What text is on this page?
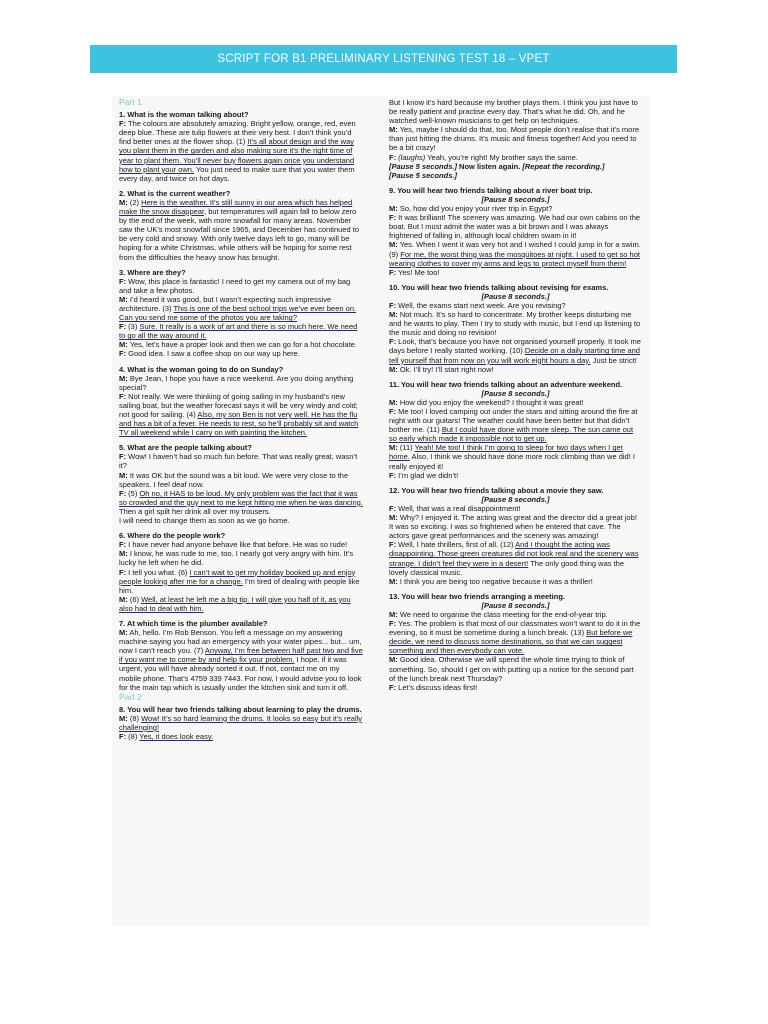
SCRIPT FOR B1 PRELIMINARY LISTENING TEST 18 – VPET
Part 1
1. What is the woman talking about?

F: The colours are absolutely amazing. Bright yellow, orange, red, even deep blue. These are tulip flowers at their very best. I don’t think you’d find better ones at the flower shop. (1) It’s all about design and the way you plant them in the garden and also making sure it’s the right time of year to plant them. You’ll never buy flowers again once you understand how to plant your own. You just need to make sure that you water them every day, and twice on hot days.

2. What is the current weather?

M: (2) Here is the weather. It’s still sunny in our area which has helped make the snow disappear, but temperatures will again fall to below zero by the end of the week, with more snowfall for many areas. November saw the UK’s most snowfall since 1965, and December has continued to be very cold and snowy. With only twelve days left to go, many will be hoping for a white Christmas, while others will be hoping for some rest from the difficulties the heavy snow has brought.

3. Where are they?

F: Wow, this place is fantastic! I need to get my camera out of my bag and take a few photos.

M: I’d heard it was good, but I wasn’t expecting such impressive architecture. (3) This is one of the best school trips we’ve ever been on. Can you send me some of the photos you are taking?

F: (3) Sure. It really is a work of art and there is so much here. We need to go all the way around it.

M: Yes, let’s have a proper look and then we can go for a hot chocolate.

F: Good idea. I saw a coffee shop on our way up here.

4. What is the woman going to do on Sunday?

M: Bye Jean, I hope you have a nice weekend. Are you doing anything special?

F: Not really. We were thinking of going sailing in my husband’s new sailing boat, but the weather forecast says it will be very windy and cold; not good for sailing. (4) Also, my son Ben is not very well. He has the flu and has a bit of a fever. He needs to rest, so he’ll probably sit and watch TV all weekend while I carry on with painting the kitchen.

5. What are the people talking about?

F: Wow! I haven’t had so much fun before. That was really great, wasn’t it?

M: It was OK but the sound was a bit loud. We were very close to the speakers. I feel deaf now.

F: (5) Oh no, it HAS to be loud. My only problem was the fact that it was so crowded and the guy next to me kept hitting me when he was dancing. Then a girl spilt her drink all over my trousers.

I will need to change them as soon as we go home.

6. Where do the people work?

F: I have never had anyone behave like that before. He was so rude!

M: I know, he was rude to me, too. I nearly got very angry with him. It’s lucky he left when he did.

F: I tell you what. (6) I can’t wait to get my holiday booked up and enjoy people looking after me for a change. I’m tired of dealing with people like him.

M: (6) Well, at least he left me a big tip. I will give you half of it, as you also had to deal with him.

7. At which time is the plumber available?

M: Ah, hello. I’m Rob Benson. You left a message on my answering machine saying you had an emergency with your water pipes... but... um, now I can’t reach you. (7) Anyway, I’m free between half past two and five if you want me to come by and help fix your problem. I hope, if it was urgent, you will have already sorted it out. If not, contact me on my mobile phone. That’s 4759 339 7443. For now, I would advise you to look for the main tap which is usually under the kitchen sink and turn it off.

Part 2
8. You will hear two friends talking about learning to play the drums.

M: (8) Wow! It’s so hard learning the drums. It looks so easy but it’s really challenging!

F: (8) Yes, it does look easy.

But I know it’s hard because my brother plays them. I think you just have to be really patient and practise every day. That’s what he did. Oh, and he watched well-known musicians to get help on techniques.

M: Yes, maybe I should do that, too. Most people don’t realise that it’s more than just hitting the drums. It’s music and fitness together! And you need to be a bit crazy!

F: (laughs) Yeah, you’re right! My brother says the same.

[Pause 5 seconds.] Now listen again. [Repeat the recording.]

[Pause 5 seconds.]

9. You will hear two friends talking about a river boat trip.
[Pause 8 seconds.]

M: So, how did you enjoy your river trip in Egypt?

F: It was brilliant! The scenery was amazing. We had our own cabins on the boat. But I must admit the water was a bit brown and I was always frightened of falling in, although local children swam in it!

M: Yes. When I went it was very hot and I wished I could jump in for a swim. (9) For me, the worst thing was the mosquitoes at night. I used to get so hot wearing clothes to cover my arms and legs to protect myself from them!

F: Yes! Me too!

10. You will hear two friends talking about revising for exams.
[Pause 8 seconds.]

F: Well, the exams start next week. Are you revising?

M: Not much. It’s so hard to concentrate. My brother keeps disturbing me and he wants to play. Then I try to study with music, but I end up listening to the music and doing no revision!

F: Look, that’s because you have not organised yourself properly. It took me days before I really started working. (10) Decide on a daily starting time and tell yourself that from now on you will work eight hours a day. Just be strict!

M: Ok. I’ll try! I’ll start right now!

11. You will hear two friends talking about an adventure weekend.
[Pause 8 seconds.]

M: How did you enjoy the weekend? I thought it was great!

F: Me too! I loved camping out under the stars and sitting around the fire at night with our guitars! The weather could have been better but that didn’t bother me. (11) But I could have done with more sleep. The sun came out so early which made it impossible not to get up.

M: (11) Yeah! Me too! I think I’m going to sleep for two days when I get home. Also, I think we should have done more rock climbing than we did! I really enjoyed it!

F: I’m glad we didn’t!

12. You will hear two friends talking about a movie they saw.
[Pause 8 seconds.]

F: Well, that was a real disappointment!

M: Why? I enjoyed it. The acting was great and the director did a great job! It was so exciting. I was so frightened when he entered that cave. The actors gave great performances and the scenery was amazing!

F: Well, I hate thrillers, first of all. (12) And I thought the acting was disappointing. Those green creatures did not look real and the scenery was strange. I didn’t feel they were in a desert! The only good thing was the lovely classical music.

M: I think you are being too negative because it was a thriller!

13. You will hear two friends arranging a meeting.
[Pause 8 seconds.]

M: We need to organise the class meeting for the end-of-year trip.

F: Yes. The problem is that most of our classmates won’t want to do it in the evening, so it must be sometime during a lunch break. (13) But before we decide, we need to discuss some destinations, so that we can suggest something and then everybody can vote.

M: Good idea. Otherwise we will spend the whole time trying to think of something. So, should I get on with putting up a notice for the second part of the lunch break next Thursday?

F: Let’s discuss ideas first!
